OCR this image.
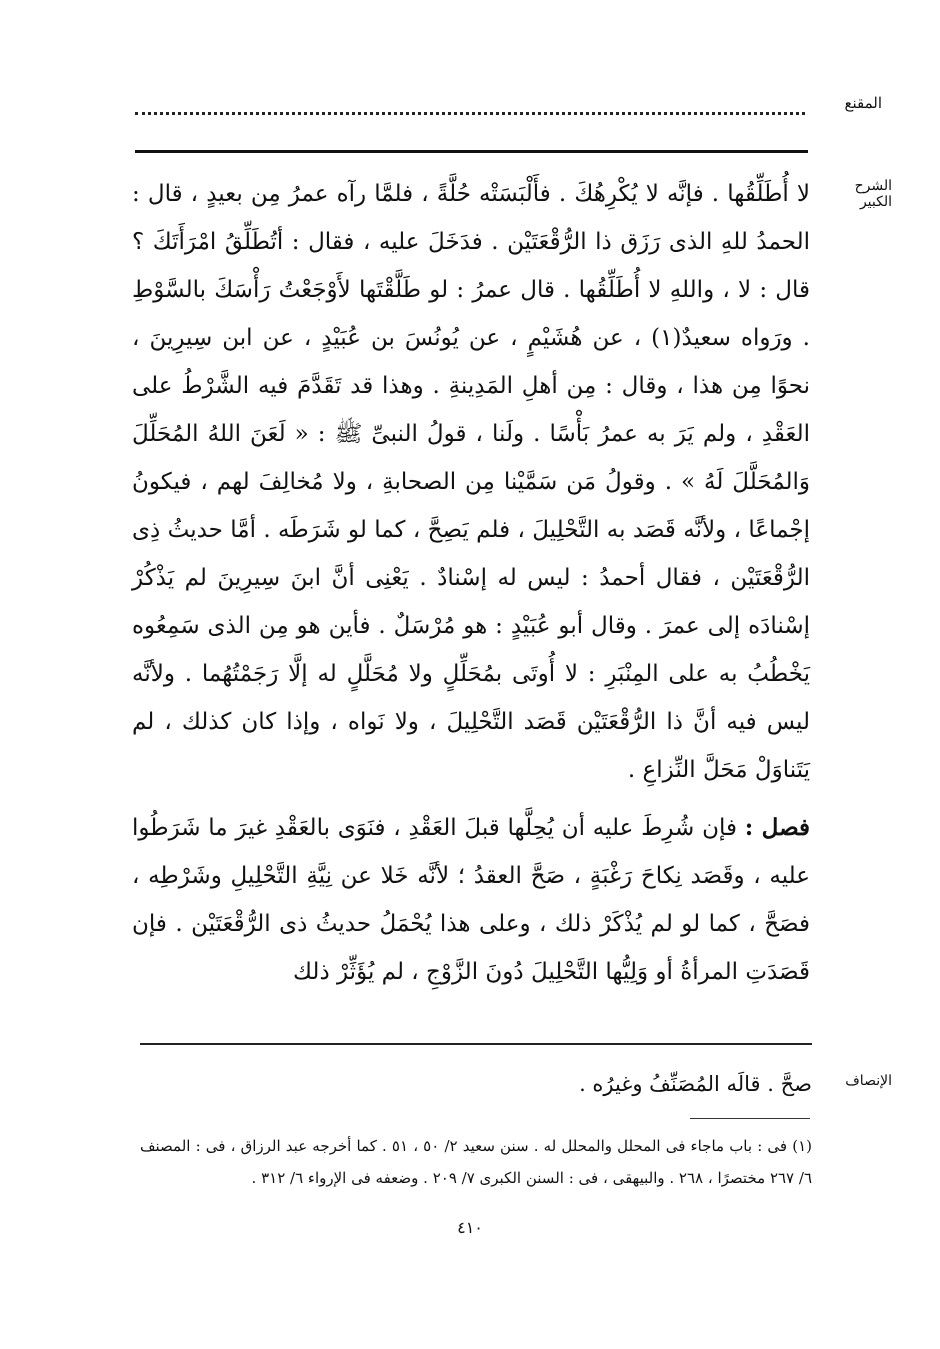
المقنع
الشرح الكبير

لا أُطَلِّقُها . فإنَّه لا يُكْرِهُكَ . فأَلْبَسَتْه حُلَّةً ، فلمَّا رآه عمرُ مِن بعيدٍ ، قال : الحمدُ للهِ الذى رَزَق ذا الرُّقْعَتَيْن . فدَخَلَ عليه ، فقال : أتُطَلِّقُ امْرَأَتَكَ ؟ قال : لا ، واللهِ لا أُطَلِّقُها . قال عمرُ : لو طَلَّقْتَها لأَوْجَعْتُ رَأْسَكَ بالسَّوْطِ . ورَواه سعيدٌ(١) ، عن هُشَيْمٍ ، عن يُونُسَ بن عُبَيْدٍ ، عن ابن سِيرِينَ ، نحوًا مِن هذا ، وقال : مِن أهلِ المَدِينةِ . وهذا قد تَقَدَّمَ فيه الشَّرْطُ على العَقْدِ ، ولم يَرَ به عمرُ بَأْسًا . ولَنا ، قولُ النبىِّ ﷺ : « لَعَنَ اللهُ المُحَلِّلَ وَالمُحَلَّلَ لَهُ » . وقولُ مَن سَمَّيْنا مِن الصحابةِ ، ولا مُخالِفَ لهم ، فيكونُ إجْماعًا ، ولأنَّه قَصَد به التَّحْلِيلَ ، فلم يَصِحَّ ، كما لو شَرَطَه . أمَّا حديثُ ذِى الرُّقْعَتَيْن ، فقال أحمدُ : ليس له إسْنادٌ . يَعْنِى أنَّ ابنَ سِيرِينَ لم يَذْكُرْ إسْنادَه إلى عمرَ . وقال أبو عُبَيْدٍ : هو مُرْسَلٌ . فأين هو مِن الذى سَمِعُوه يَخْطُبُ به على المِنْبَرِ : لا أُوتَى بمُحَلِّلٍ ولا مُحَلَّلٍ له إلَّا رَجَمْتُهُما . ولأنَّه ليس فيه أنَّ ذا الرُّقْعَتَيْن قَصَد التَّحْلِيلَ ، ولا نَواه ، وإذا كان كذلك ، لم يَتَناوَلْ مَحَلَّ النِّزاعِ .

فصل : فإن شُرِطَ عليه أن يُحِلَّها قبلَ العَقْدِ ، فنَوَى بالعَقْدِ غيرَ ما شَرَطُوا عليه ، وقَصَد نِكاحَ رَغْبَةٍ ، صَحَّ العقدُ ؛ لأنَّه خَلا عن نِيَّةِ التَّحْلِيلِ وشَرْطِه ، فصَحَّ ، كما لو لم يُذْكَرْ ذلك ، وعلى هذا يُحْمَلُ حديثُ ذى الرُّقْعَتَيْن . فإن قَصَدَتِ المرأةُ أو وَلِيُّها التَّحْلِيلَ دُونَ الزَّوْجِ ، لم يُؤَثِّرْ ذلك

الإنصاف
صحَّ . قالَه المُصَنِّفُ وغيرُه .
(١) فى : باب ماجاء فى المحلل والمحلل له . سنن سعيد ٢/ ٥٠ ، ٥١ . كما أخرجه عبد الرزاق ، فى : المصنف ٦/ ٢٦٧ مختصرًا ، ٢٦٨ . والبيهقى ، فى : السنن الكبرى ٧/ ٢٠٩ . وضعفه فى الإرواء ٦/ ٣١٢ .
٤١٠
